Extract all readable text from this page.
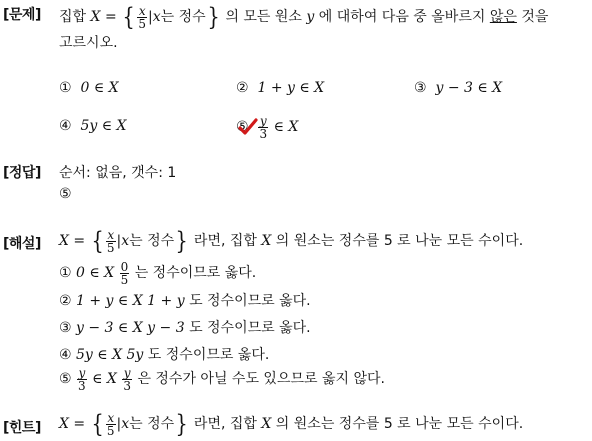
[문제] 집합 X = { $\frac{x}{5} |x$는 정수} 의 모든 원소 y 에 대하여 다음 중 올바르지 않은 것을
고르시오.
① 0 ∈ X	② 1 + y ∈ X	③ y − 3 ∈ X
④ 5y ∈ X	⑤ $\frac{y}{3}$ ∈ X
[정답] 순서: 없음, 갯수: 1
⑤
[해설] X = { $\frac{x}{5} |x$는 정수} 라면, 집합 X 의 원소는 정수를 5 로 나눈 모든 수이다.
① 0 ∈ X $\frac{0}{5}$ 는 정수이므로 옳다.
② 1 + y ∈ X 1 + y 도 정수이므로 옳다.
③ y − 3 ∈ X y − 3 도 정수이므로 옳다.
④ 5y ∈ X 5y 도 정수이므로 옳다.
⑤ $\frac{y}{3}$ ∈ X $\frac{y}{3}$ 은 정수가 아닐 수도 있으므로 옳지 않다.
[힌트] X = { $\frac{x}{5} |x$는 정수} 라면, 집합 X 의 원소는 정수를 5 로 나눈 모든 수이다.
